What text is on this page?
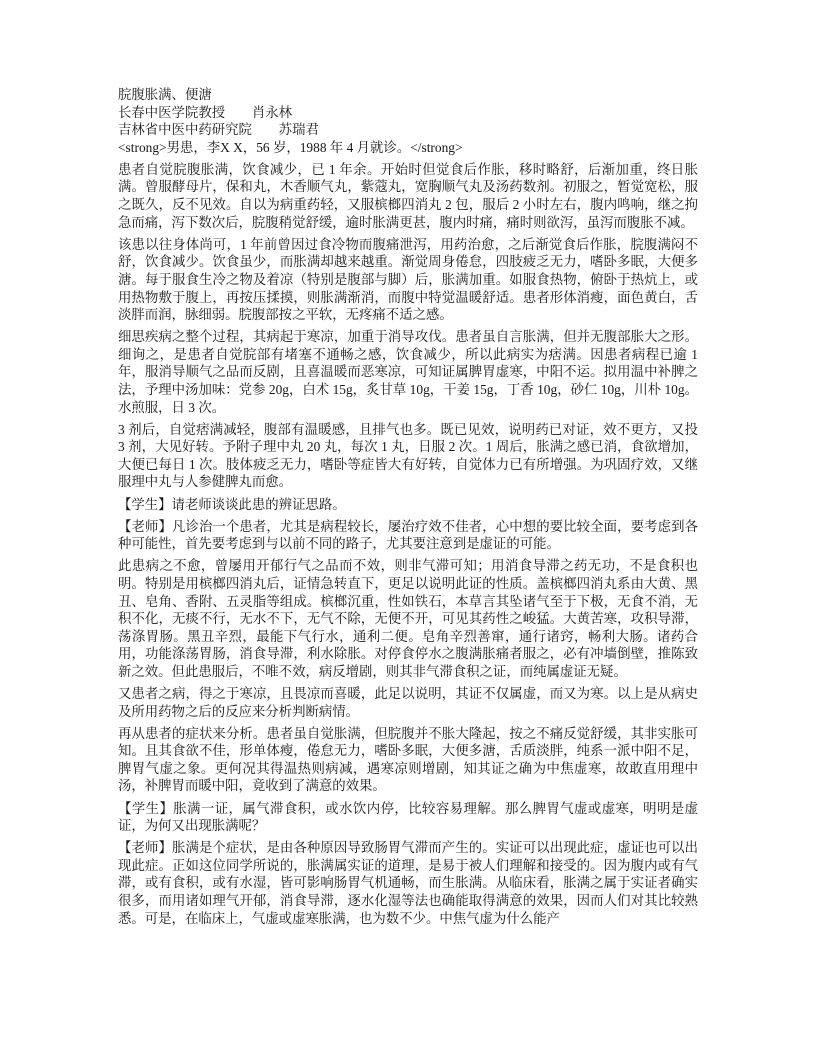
脘腹胀满、便溏
长春中医学院教授　　肖永林
吉林省中医中药研究院　　苏瑞君
<strong>男患，李X X，56 岁，1988 年 4 月就诊。</strong>

患者自觉脘腹胀满，饮食减少，已 1 年余。开始时但觉食后作胀，移时略舒，后渐加重，终日胀满。曾服酵母片，保和丸，木香顺气丸，紫蔻丸，宽胸顺气丸及汤药数剂。初服之，暂觉宽松，服之既久，反不见效。自以为病重药轻，又服槟榔四消丸 2 包，服后 2 小时左右，腹内鸣响，继之拘急而痛，泻下数次后，脘腹稍觉舒缓，逾时胀满更甚，腹内时痛，痛时则欲泻，虽泻而腹胀不减。

该患以往身体尚可，1 年前曾因过食冷物而腹痛泄泻，用药治愈，之后渐觉食后作胀，脘腹满闷不舒，饮食减少。饮食虽少，而胀满却越来越重。渐觉周身倦怠，四肢疲乏无力，嗜卧多眠，大便多溏。每于服食生冷之物及着凉（特别是腹部与脚）后，胀满加重。如服食热物，俯卧于热炕上，或用热物敷于腹上，再按压揉摸，则胀满渐消，而腹中特觉温暖舒适。患者形体消瘦，面色黄白，舌淡胖而润，脉细弱。脘腹部按之平软，无疼痛不适之感。

细思疾病之整个过程，其病起于寒凉，加重于消导攻伐。患者虽自言胀满，但并无腹部胀大之形。细询之，是患者自觉脘部有堵塞不通畅之感，饮食减少，所以此病实为痞满。因患者病程已逾 1 年，服消导顺气之品而反剧，且喜温暖而恶寒凉，可知证属脾胃虚寒，中阳不运。拟用温中补脾之法，予理中汤加味：党参 20g，白术 15g，炙甘草 10g，干姜 15g，丁香 10g，砂仁 10g，川朴 10g。水煎服，日 3 次。

3 剂后，自觉痞满减轻，腹部有温暖感，且排气也多。既已见效，说明药已对证，效不更方，又投 3 剂，大见好转。予附子理中丸 20 丸，每次 1 丸，日服 2 次。1 周后，胀满之感已消，食欲增加，大便已每日 1 次。肢体疲乏无力，嗜卧等症皆大有好转，自觉体力已有所增强。为巩固疗效，又继服理中丸与人参健脾丸而愈。

【学生】请老师谈谈此患的辨证思路。

【老师】凡诊治一个患者，尤其是病程较长，屡治疗效不佳者，心中想的要比较全面，要考虑到各种可能性，首先要考虑到与以前不同的路子，尤其要注意到是虚证的可能。

此患病之不愈，曾屡用开郁行气之品而不效，则非气滞可知；用消食导滞之药无功，不是食积也明。特别是用槟榔四消丸后，证情急转直下，更足以说明此证的性质。盖槟榔四消丸系由大黄、黑丑、皂角、香附、五灵脂等组成。槟榔沉重，性如铁石，本草言其坠诸气至于下极，无食不消，无积不化，无痰不行，无水不下，无气不除，无便不开，可见其药性之峻猛。大黄苦寒，攻积导滞，荡涤胃肠。黑丑辛烈，最能下气行水，通利二便。皂角辛烈善窜，通行诸窍，畅利大肠。诸药合用，功能涤荡胃肠，消食导滞，利水除胀。对停食停水之腹满胀痛者服之，必有冲墙倒壁，推陈致新之效。但此患服后，不唯不效，病反增剧，则其非气滞食积之证，而纯属虚证无疑。

又患者之病，得之于寒凉，且畏凉而喜暖，此足以说明，其证不仅属虚，而又为寒。以上是从病史及所用药物之后的反应来分析判断病情。

再从患者的症状来分析。患者虽自觉胀满，但脘腹并不胀大隆起，按之不痛反觉舒缓，其非实胀可知。且其食欲不佳，形单体瘦，倦怠无力，嗜卧多眠，大便多溏，舌质淡胖，纯系一派中阳不足，脾胃气虚之象。更何况其得温热则病减，遇寒凉则增剧，知其证之确为中焦虚寒，故敢直用理中汤，补脾胃而暖中阳，竟收到了满意的效果。

【学生】胀满一证，属气滞食积，或水饮内停，比较容易理解。那么脾胃气虚或虚寒，明明是虚证，为何又出现胀满呢？

【老师】胀满是个症状，是由各种原因导致肠胃气滞而产生的。实证可以出现此症，虚证也可以出现此症。正如这位同学所说的，胀满属实证的道理，是易于被人们理解和接受的。因为腹内或有气滞，或有食积，或有水湿，皆可影响肠胃气机通畅，而生胀满。从临床看，胀满之属于实证者确实很多，而用诸如理气开郁，消食导滞，逐水化湿等法也确能取得满意的效果，因而人们对其比较熟悉。可是，在临床上，气虚或虚寒胀满，也为数不少。中焦气虚为什么能产
